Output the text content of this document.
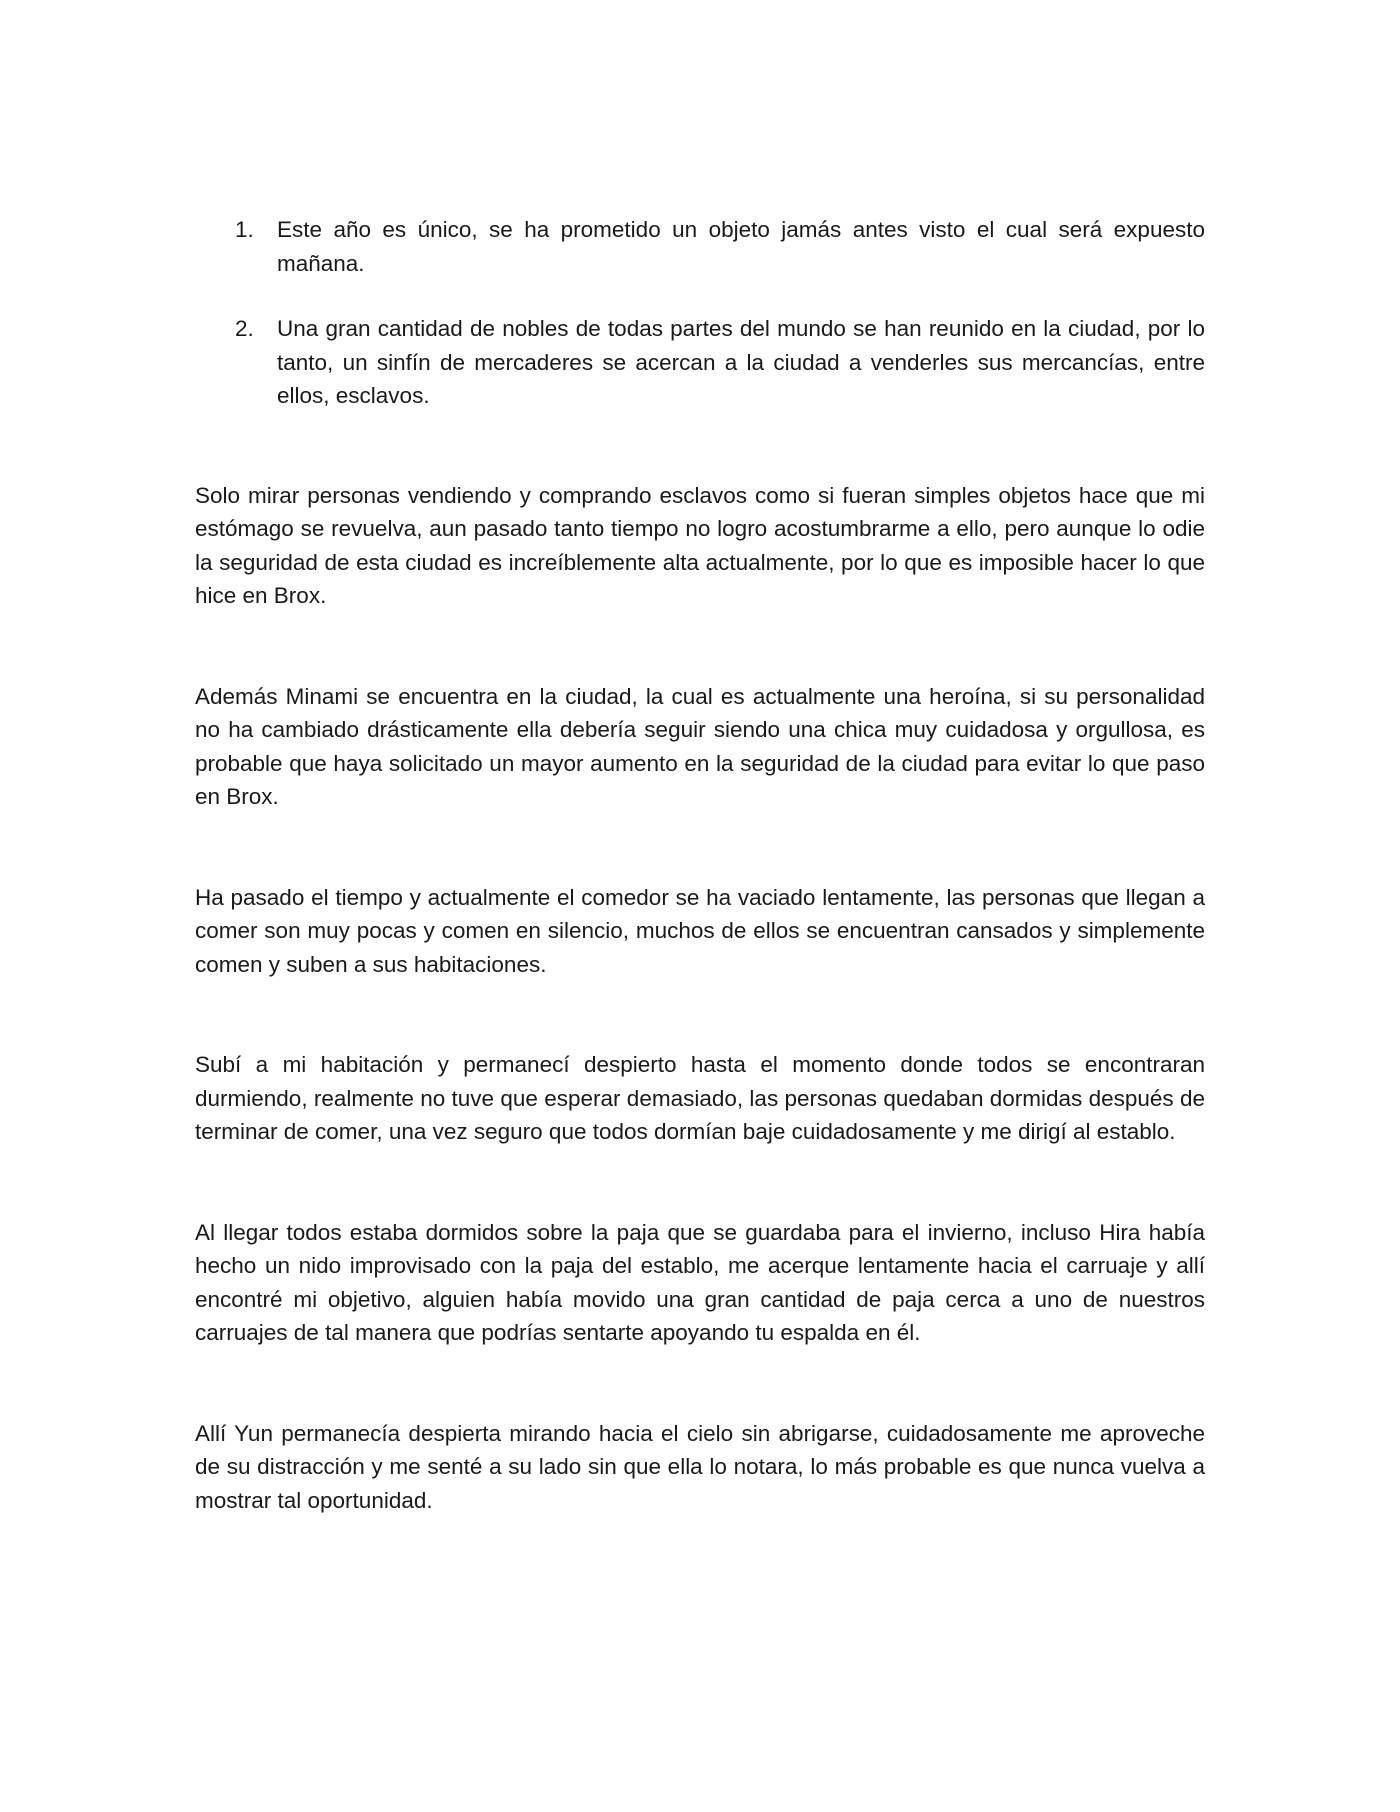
1. Este año es único, se ha prometido un objeto jamás antes visto el cual será expuesto mañana.
2. Una gran cantidad de nobles de todas partes del mundo se han reunido en la ciudad, por lo tanto, un sinfín de mercaderes se acercan a la ciudad a venderles sus mercancías, entre ellos, esclavos.

Solo mirar personas vendiendo y comprando esclavos como si fueran simples objetos hace que mi estómago se revuelva, aun pasado tanto tiempo no logro acostumbrarme a ello, pero aunque lo odie la seguridad de esta ciudad es increíblemente alta actualmente, por lo que es imposible hacer lo que hice en Brox.

Además Minami se encuentra en la ciudad, la cual es actualmente una heroína, si su personalidad no ha cambiado drásticamente ella debería seguir siendo una chica muy cuidadosa y orgullosa, es probable que haya solicitado un mayor aumento en la seguridad de la ciudad para evitar lo que paso en Brox.

Ha pasado el tiempo y actualmente el comedor se ha vaciado lentamente, las personas que llegan a comer son muy pocas y comen en silencio, muchos de ellos se encuentran cansados y simplemente comen y suben a sus habitaciones.

Subí a mi habitación y permanecí despierto hasta el momento donde todos se encontraran durmiendo, realmente no tuve que esperar demasiado, las personas quedaban dormidas después de terminar de comer, una vez seguro que todos dormían baje cuidadosamente y me dirigí al establo.

Al llegar todos estaba dormidos sobre la paja que se guardaba para el invierno, incluso Hira había hecho un nido improvisado con la paja del establo, me acerque lentamente hacia el carruaje y allí encontré mi objetivo, alguien había movido una gran cantidad de paja cerca a uno de nuestros carruajes de tal manera que podrías sentarte apoyando tu espalda en él.

Allí Yun permanecía despierta mirando hacia el cielo sin abrigarse, cuidadosamente me aproveche de su distracción y me senté a su lado sin que ella lo notara, lo más probable es que nunca vuelva a mostrar tal oportunidad.
